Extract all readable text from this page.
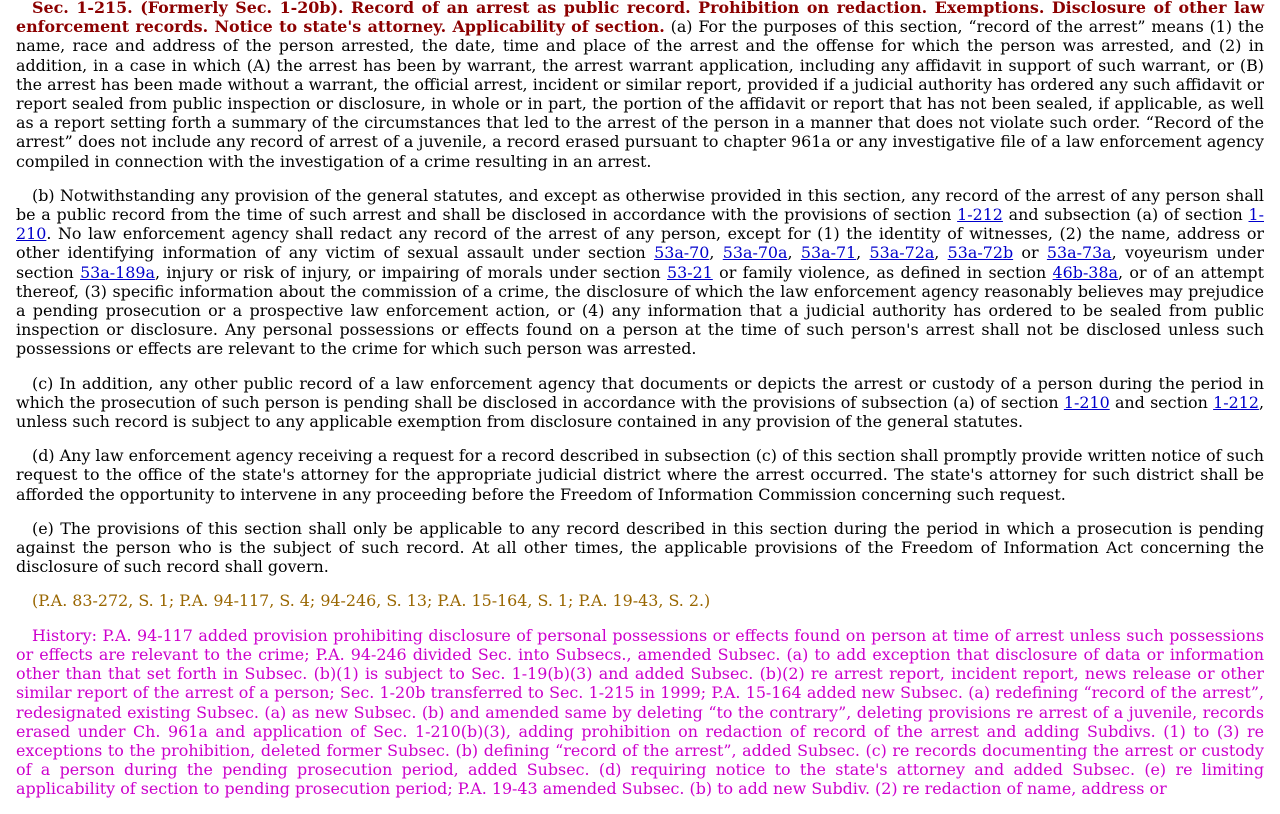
Sec. 1-215. (Formerly Sec. 1-20b). Record of an arrest as public record. Prohibition on redaction. Exemptions. Disclosure of other law enforcement records. Notice to state's attorney. Applicability of section. (a) For the purposes of this section, “record of the arrest” means (1) the name, race and address of the person arrested, the date, time and place of the arrest and the offense for which the person was arrested, and (2) in addition, in a case in which (A) the arrest has been by warrant, the arrest warrant application, including any affidavit in support of such warrant, or (B) the arrest has been made without a warrant, the official arrest, incident or similar report, provided if a judicial authority has ordered any such affidavit or report sealed from public inspection or disclosure, in whole or in part, the portion of the affidavit or report that has not been sealed, if applicable, as well as a report setting forth a summary of the circumstances that led to the arrest of the person in a manner that does not violate such order. “Record of the arrest” does not include any record of arrest of a juvenile, a record erased pursuant to chapter 961a or any investigative file of a law enforcement agency compiled in connection with the investigation of a crime resulting in an arrest.

(b) Notwithstanding any provision of the general statutes, and except as otherwise provided in this section, any record of the arrest of any person shall be a public record from the time of such arrest and shall be disclosed in accordance with the provisions of section 1-212 and subsection (a) of section 1-210. No law enforcement agency shall redact any record of the arrest of any person, except for (1) the identity of witnesses, (2) the name, address or other identifying information of any victim of sexual assault under section 53a-70, 53a-70a, 53a-71, 53a-72a, 53a-72b or 53a-73a, voyeurism under section 53a-189a, injury or risk of injury, or impairing of morals under section 53-21 or family violence, as defined in section 46b-38a, or of an attempt thereof, (3) specific information about the commission of a crime, the disclosure of which the law enforcement agency reasonably believes may prejudice a pending prosecution or a prospective law enforcement action, or (4) any information that a judicial authority has ordered to be sealed from public inspection or disclosure. Any personal possessions or effects found on a person at the time of such person's arrest shall not be disclosed unless such possessions or effects are relevant to the crime for which such person was arrested.

(c) In addition, any other public record of a law enforcement agency that documents or depicts the arrest or custody of a person during the period in which the prosecution of such person is pending shall be disclosed in accordance with the provisions of subsection (a) of section 1-210 and section 1-212, unless such record is subject to any applicable exemption from disclosure contained in any provision of the general statutes.

(d) Any law enforcement agency receiving a request for a record described in subsection (c) of this section shall promptly provide written notice of such request to the office of the state's attorney for the appropriate judicial district where the arrest occurred. The state's attorney for such district shall be afforded the opportunity to intervene in any proceeding before the Freedom of Information Commission concerning such request.

(e) The provisions of this section shall only be applicable to any record described in this section during the period in which a prosecution is pending against the person who is the subject of such record. At all other times, the applicable provisions of the Freedom of Information Act concerning the disclosure of such record shall govern.

(P.A. 83-272, S. 1; P.A. 94-117, S. 4; 94-246, S. 13; P.A. 15-164, S. 1; P.A. 19-43, S. 2.)

History: P.A. 94-117 added provision prohibiting disclosure of personal possessions or effects found on person at time of arrest unless such possessions or effects are relevant to the crime; P.A. 94-246 divided Sec. into Subsecs., amended Subsec. (a) to add exception that disclosure of data or information other than that set forth in Subsec. (b)(1) is subject to Sec. 1-19(b)(3) and added Subsec. (b)(2) re arrest report, incident report, news release or other similar report of the arrest of a person; Sec. 1-20b transferred to Sec. 1-215 in 1999; P.A. 15-164 added new Subsec. (a) redefining “record of the arrest”, redesignated existing Subsec. (a) as new Subsec. (b) and amended same by deleting “to the contrary”, deleting provisions re arrest of a juvenile, records erased under Ch. 961a and application of Sec. 1-210(b)(3), adding prohibition on redaction of record of the arrest and adding Subdivs. (1) to (3) re exceptions to the prohibition, deleted former Subsec. (b) defining “record of the arrest”, added Subsec. (c) re records documenting the arrest or custody of a person during the pending prosecution period, added Subsec. (d) requiring notice to the state's attorney and added Subsec. (e) re limiting applicability of section to pending prosecution period; P.A. 19-43 amended Subsec. (b) to add new Subdiv. (2) re redaction of name, address or
